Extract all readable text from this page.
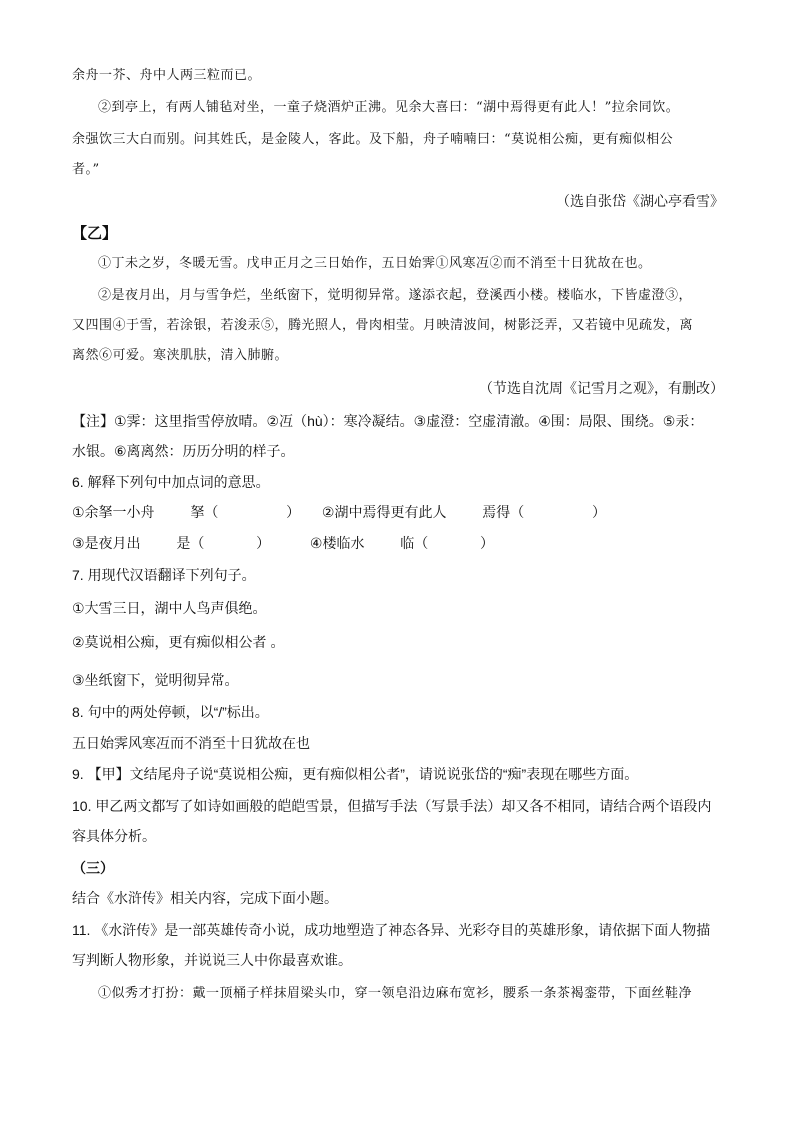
余舟一芥、舟中人两三粒而已。
②到亭上，有两人铺毡对坐，一童子烧酒炉正沸。见余大喜曰：“湖中焉得更有此人！”拉余同饮。
余强饮三大白而别。问其姓氏，是金陵人，客此。及下船，舟子喃喃曰：“莫说相公痴，更有痴似相公
者。”
（选自张岱《湖心亭看雪》
【乙】
①丁未之岁，冬暖无雪。戊申正月之三日始作，五日始霁①风寒冱②而不消至十日犹故在也。
②是夜月出，月与雪争烂，坐纸窗下，觉明彻异常。遂添衣起，登溪西小楼。楼临水，下皆虚澄③，
又四围④于雪，若涂银，若浚汞⑤，腾光照人，骨肉相莹。月映清波间，树影泛弄，又若镜中见疏发，离
离然⑥可爱。寒浃肌肤，清入肺腑。
（节选自沈周《记雪月之观》，有删改）
【注】①霁：这里指雪停放晴。②冱（hù）：寒冷凝结。③虚澄：空虚清澈。④围：局限、围绕。⑤汞：
水银。⑥离离然：历历分明的样子。
6. 解释下列句中加点词的意思。
①余拏一小舟	拏（	） ②湖中焉得更有此人	焉得（	）
③是夜月出	是（	）	④楼临水	临（	）
7. 用现代汉语翻译下列句子。
①大雪三日，湖中人鸟声俱绝。
②莫说相公痴，更有痴似相公者 。
③坐纸窗下，觉明彻异常。
8. 句中的两处停顿，以“/”标出。
五日始霁风寒冱而不消至十日犹故在也
9. 【甲】文结尾舟子说“莫说相公痴，更有痴似相公者”，请说说张岱的“痴”表现在哪些方面。
10. 甲乙两文都写了如诗如画般的皑皑雪景，但描写手法（写景手法）却又各不相同，请结合两个语段内
容具体分析。
（三）
结合《水浒传》相关内容，完成下面小题。
11. 《水浒传》是一部英雄传奇小说，成功地塑造了神态各异、光彩夺目的英雄形象，请依据下面人物描
写判断人物形象，并说说三人中你最喜欢谁。
①似秀才打扮：戴一顶桶子样抹眉梁头巾，穿一领皂沿边麻布宽衫，腰系一条茶褐銮带，下面丝鞋净
